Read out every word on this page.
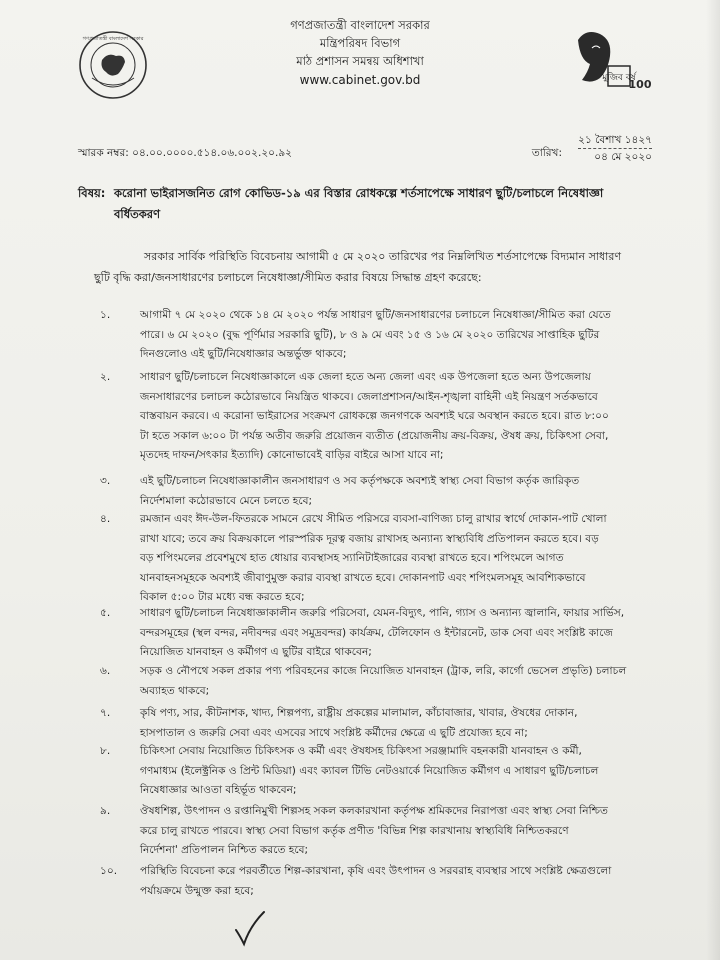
গণপ্রজাতন্ত্রী বাংলাদেশ সরকার
গণপ্রজাতন্ত্রী বাংলাদেশ সরকার
মন্ত্রিপরিষদ বিভাগ
মাঠ প্রশাসন সমন্বয় অধিশাখা
www.cabinet.gov.bd	মুজিব বর্ষ
100
স্মারক নম্বর: ০৪.০০.০০০০.৫১৪.০৬.০০২.২০.৯২	তারিখ:
২১ বৈশাখ ১৪২৭
০৪ মে ২০২০
বিষয়: করোনা ভাইরাসজনিত রোগ কোভিড-১৯ এর বিস্তার রোধকল্পে শর্তসাপেক্ষে সাধারণ ছুটি/চলাচলে নিষেধাজ্ঞা
বর্ধিতকরণ
সরকার সার্বিক পরিস্থিতি বিবেচনায় আগামী ৫ মে ২০২০ তারিখের পর নিম্নলিখিত শর্তসাপেক্ষে বিদ্যমান সাধারণ
ছুটি বৃদ্ধি করা/জনসাধারণের চলাচলে নিষেধাজ্ঞা/সীমিত করার বিষয়ে সিদ্ধান্ত গ্রহণ করেছে:
১.	আগামী ৭ মে ২০২০ থেকে ১৪ মে ২০২০ পর্যন্ত সাধারণ ছুটি/জনসাধারণের চলাচলে নিষেধাজ্ঞা/সীমিত করা যেতে
পারে। ৬ মে ২০২০ (বুদ্ধ পূর্ণিমার সরকারি ছুটি), ৮ ও ৯ মে এবং ১৫ ও ১৬ মে ২০২০ তারিখের সাপ্তাহিক ছুটির
দিনগুলোও এই ছুটি/নিষেধাজ্ঞার অন্তর্ভুক্ত থাকবে;
২.	সাধারণ ছুটি/চলাচলে নিষেধাজ্ঞাকালে এক জেলা হতে অন্য জেলা এবং এক উপজেলা হতে অন্য উপজেলায়
জনসাধারণের চলাচল কঠোরভাবে নিয়ন্ত্রিত থাকবে। জেলাপ্রশাসন/আইন-শৃঙ্খলা বাহিনী এই নিয়ন্ত্রণ সর্তকভাবে
বাস্তবায়ন করবে। এ করোনা ভাইরাসের সংক্রমণ রোধকল্পে জনগণকে অবশ্যই ঘরে অবস্থান করতে হবে। রাত ৮:০০
টা হতে সকাল ৬:০০ টা পর্যন্ত অতীব জরুরি প্রয়োজন ব্যতীত (প্রয়োজনীয় ক্রয়-বিক্রয়, ঔষধ ক্রয়, চিকিৎসা সেবা,
মৃতদেহ দাফন/সৎকার ইত্যাদি) কোনোভাবেই বাড়ির বাইরে আসা যাবে না;
৩.	এই ছুটি/চলাচল নিষেধাজ্ঞাকালীন জনসাধারণ ও সব কর্তৃপক্ষকে অবশ্যই স্বাস্থ্য সেবা বিভাগ কর্তৃক জারিকৃত
নির্দেশমালা কঠোরভাবে মেনে চলতে হবে;
৪.	রমজান এবং ঈদ-উল-ফিতরকে সামনে রেখে সীমিত পরিসরে ব্যবসা-বাণিজ্য চালু রাখার স্বার্থে দোকান-পাট খোলা
রাখা যাবে; তবে ক্রয় বিক্রয়কালে পারস্পরিক দূরত্ব বজায় রাখাসহ অন্যান্য স্বাস্থ্যবিধি প্রতিপালন করতে হবে। বড়
বড় শপিংমলের প্রবেশমুখে হাত ধোয়ার ব্যবস্থাসহ স্যানিটাইজারের ব্যবস্থা রাখতে হবে। শপিংমলে আগত
যানবাহনসমূহকে অবশ্যই জীবাণুমুক্ত করার ব্যবস্থা রাখতে হবে। দোকানপাট এবং শপিংমলসমূহ আবশ্যিকভাবে
বিকাল ৫:০০ টার মধ্যে বন্ধ করতে হবে;
৫.	সাধারণ ছুটি/চলাচল নিষেধাজ্ঞাকালীন জরুরি পরিসেবা, যেমন-বিদ্যুৎ, পানি, গ্যাস ও অন্যান্য জ্বালানি, ফায়ার সার্ভিস,
বন্দরসমূহের (স্থল বন্দর, নদীবন্দর এবং সমুদ্রবন্দর) কার্যক্রম, টেলিফোন ও ইন্টারনেট, ডাক সেবা এবং সংশ্লিষ্ট কাজে
নিয়োজিত যানবাহন ও কর্মীগণ এ ছুটির বাইরে থাকবেন;
৬.	সড়ক ও নৌপথে সকল প্রকার পণ্য পরিবহনের কাজে নিয়োজিত যানবাহন (ট্রাক, লরি, কার্গো ভেসেল প্রভৃতি) চলাচল
অব্যাহত থাকবে;
৭.	কৃষি পণ্য, সার, কীটনাশক, খাদ্য, শিল্পপণ্য, রাষ্ট্রীয় প্রকল্পের মালামাল, কাঁচাবাজার, খাবার, ঔষধের দোকান,
হাসপাতাল ও জরুরি সেবা এবং এসবের সাথে সংশ্লিষ্ট কর্মীদের ক্ষেত্রে এ ছুটি প্রযোজ্য হবে না;
৮.	চিকিৎসা সেবায় নিয়োজিত চিকিৎসক ও কর্মী এবং ঔষধসহ চিকিৎসা সরঞ্জামাদি বহনকারী যানবাহন ও কর্মী,
গণমাধ্যম (ইলেক্ট্রনিক ও প্রিন্ট মিডিয়া) এবং ক্যাবল টিভি নেটওয়ার্কে নিয়োজিত কর্মীগণ এ সাধারণ ছুটি/চলাচল
নিষেধাজ্ঞার আওতা বহির্ভূত থাকবেন;
৯.	ঔষধশিল্প, উৎপাদন ও রপ্তানিমুখী শিল্পসহ সকল কলকারখানা কর্তৃপক্ষ শ্রমিকদের নিরাপত্তা এবং স্বাস্থ্য সেবা নিশ্চিত
করে চালু রাখতে পারবে। স্বাস্থ্য সেবা বিভাগ কর্তৃক প্রণীত 'বিভিন্ন শিল্প কারখানায় স্বাস্থ্যবিধি নিশ্চিতকরণে
নির্দেশনা' প্রতিপালন নিশ্চিত করতে হবে;
১০. পরিস্থিতি বিবেচনা করে পরবর্তীতে শিল্প-কারখানা, কৃষি এবং উৎপাদন ও সরবরাহ ব্যবস্থার সাথে সংশ্লিষ্ট ক্ষেত্রগুলো
পর্যায়ক্রমে উন্মুক্ত করা হবে;
